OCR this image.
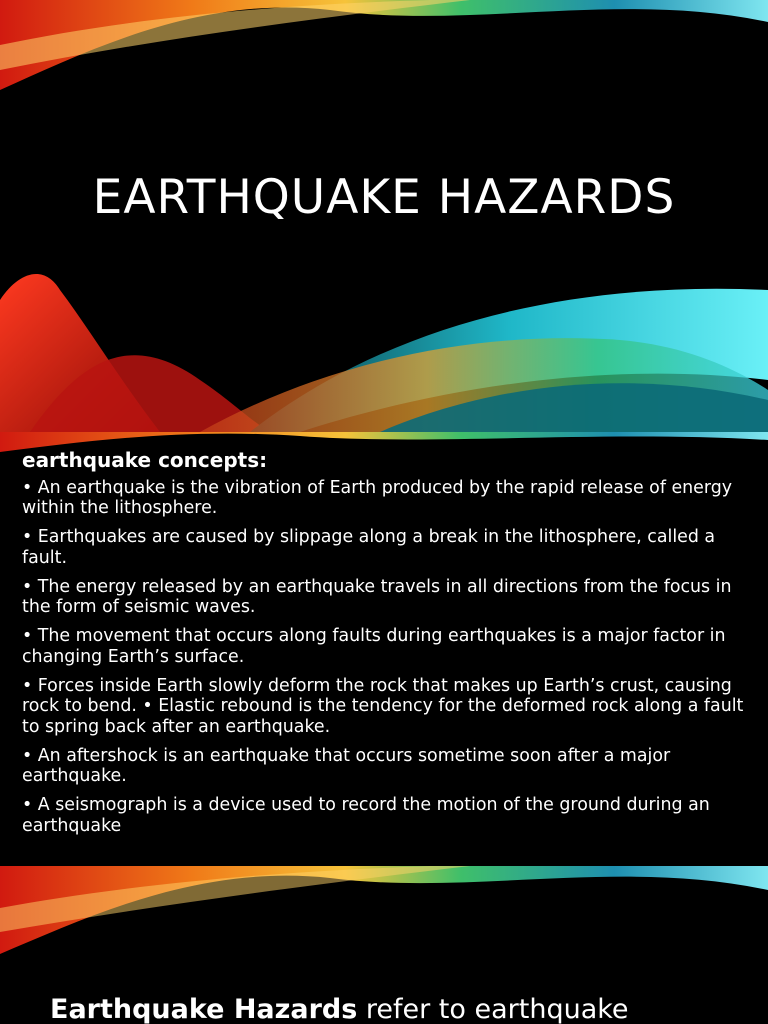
EARTHQUAKE HAZARDS
earthquake concepts:

• An earthquake is the vibration of Earth produced by the rapid release of energy within the lithosphere.

• Earthquakes are caused by slippage along a break in the lithosphere, called a fault.

• The energy released by an earthquake travels in all directions from the focus in the form of seismic waves.

• The movement that occurs along faults during earthquakes is a major factor in changing Earth’s surface.

• Forces inside Earth slowly deform the rock that makes up Earth’s crust, causing rock to bend. • Elastic rebound is the tendency for the deformed rock along a fault to spring back after an earthquake.

• An aftershock is an earthquake that occurs sometime soon after a major earthquake.

• A seismograph is a device used to record the motion of the ground during an earthquake

Earthquake Hazards refer to earthquake
